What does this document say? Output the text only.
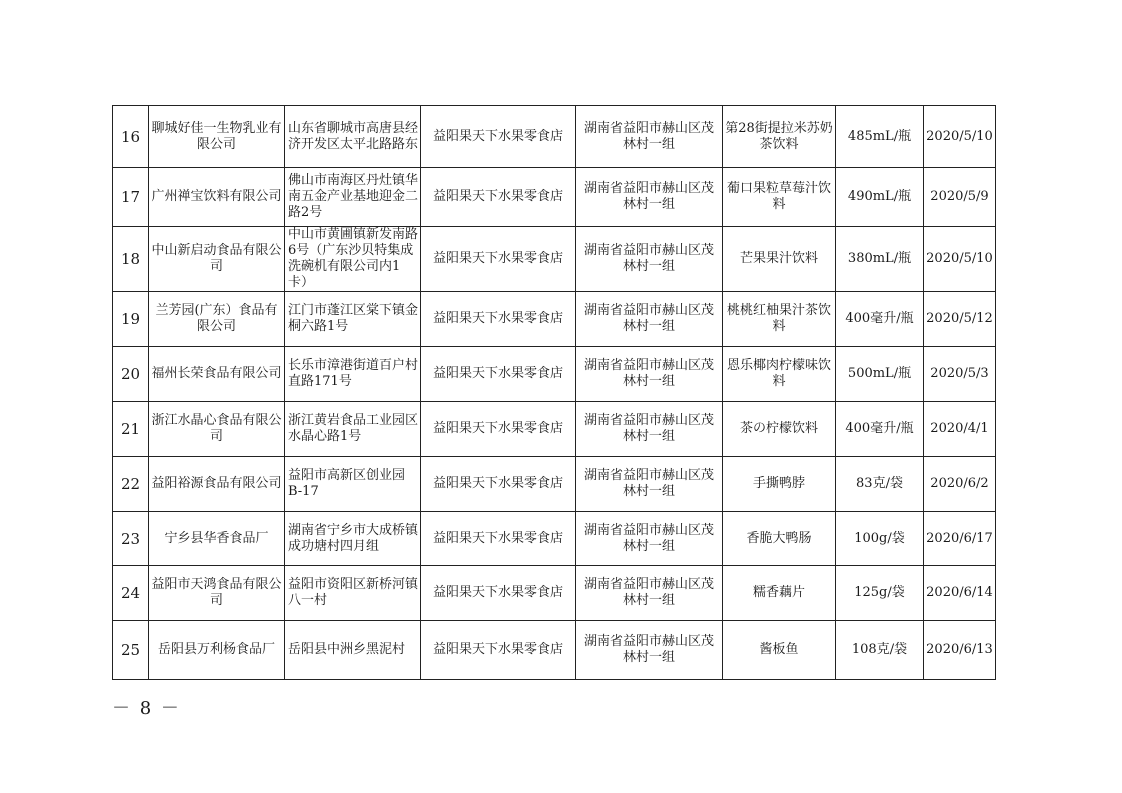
16	聊城好佳一生物乳业有限公司	山东省聊城市高唐县经济开发区太平北路路东	益阳果天下水果零食店	湖南省益阳市赫山区茂林村一组	第28街提拉米苏奶茶饮料	485mL/瓶	2020/5/10
17	广州禅宝饮料有限公司	佛山市南海区丹灶镇华南五金产业基地迎金二路2号	益阳果天下水果零食店	湖南省益阳市赫山区茂林村一组	葡口果粒草莓汁饮料	490mL/瓶	2020/5/9
18	中山新启动食品有限公司	中山市黄圃镇新发南路6号（广东沙贝特集成洗碗机有限公司内1卡）	益阳果天下水果零食店	湖南省益阳市赫山区茂林村一组	芒果果汁饮料	380mL/瓶	2020/5/10
19	兰芳园(广东）食品有限公司	江门市蓬江区棠下镇金桐六路1号	益阳果天下水果零食店	湖南省益阳市赫山区茂林村一组	桃桃红柚果汁茶饮料	400毫升/瓶	2020/5/12
20	福州长荣食品有限公司	长乐市漳港街道百户村直路171号	益阳果天下水果零食店	湖南省益阳市赫山区茂林村一组	恩乐椰肉柠檬味饮料	500mL/瓶	2020/5/3
21	浙江水晶心食品有限公司	浙江黄岩食品工业园区水晶心路1号	益阳果天下水果零食店	湖南省益阳市赫山区茂林村一组	茶の柠檬饮料	400毫升/瓶	2020/4/1
22	益阳裕源食品有限公司	益阳市高新区创业园B-17	益阳果天下水果零食店	湖南省益阳市赫山区茂林村一组	手撕鸭脖	83克/袋	2020/6/2
23	宁乡县华香食品厂	湖南省宁乡市大成桥镇成功塘村四月组	益阳果天下水果零食店	湖南省益阳市赫山区茂林村一组	香脆大鸭肠	100g/袋	2020/6/17
24	益阳市天鸿食品有限公司	益阳市资阳区新桥河镇八一村	益阳果天下水果零食店	湖南省益阳市赫山区茂林村一组	糯香藕片	125g/袋	2020/6/14
25	岳阳县万利杨食品厂	岳阳县中洲乡黑泥村	益阳果天下水果零食店	湖南省益阳市赫山区茂林村一组	酱板鱼	108克/袋	2020/6/13
－ 8 －
